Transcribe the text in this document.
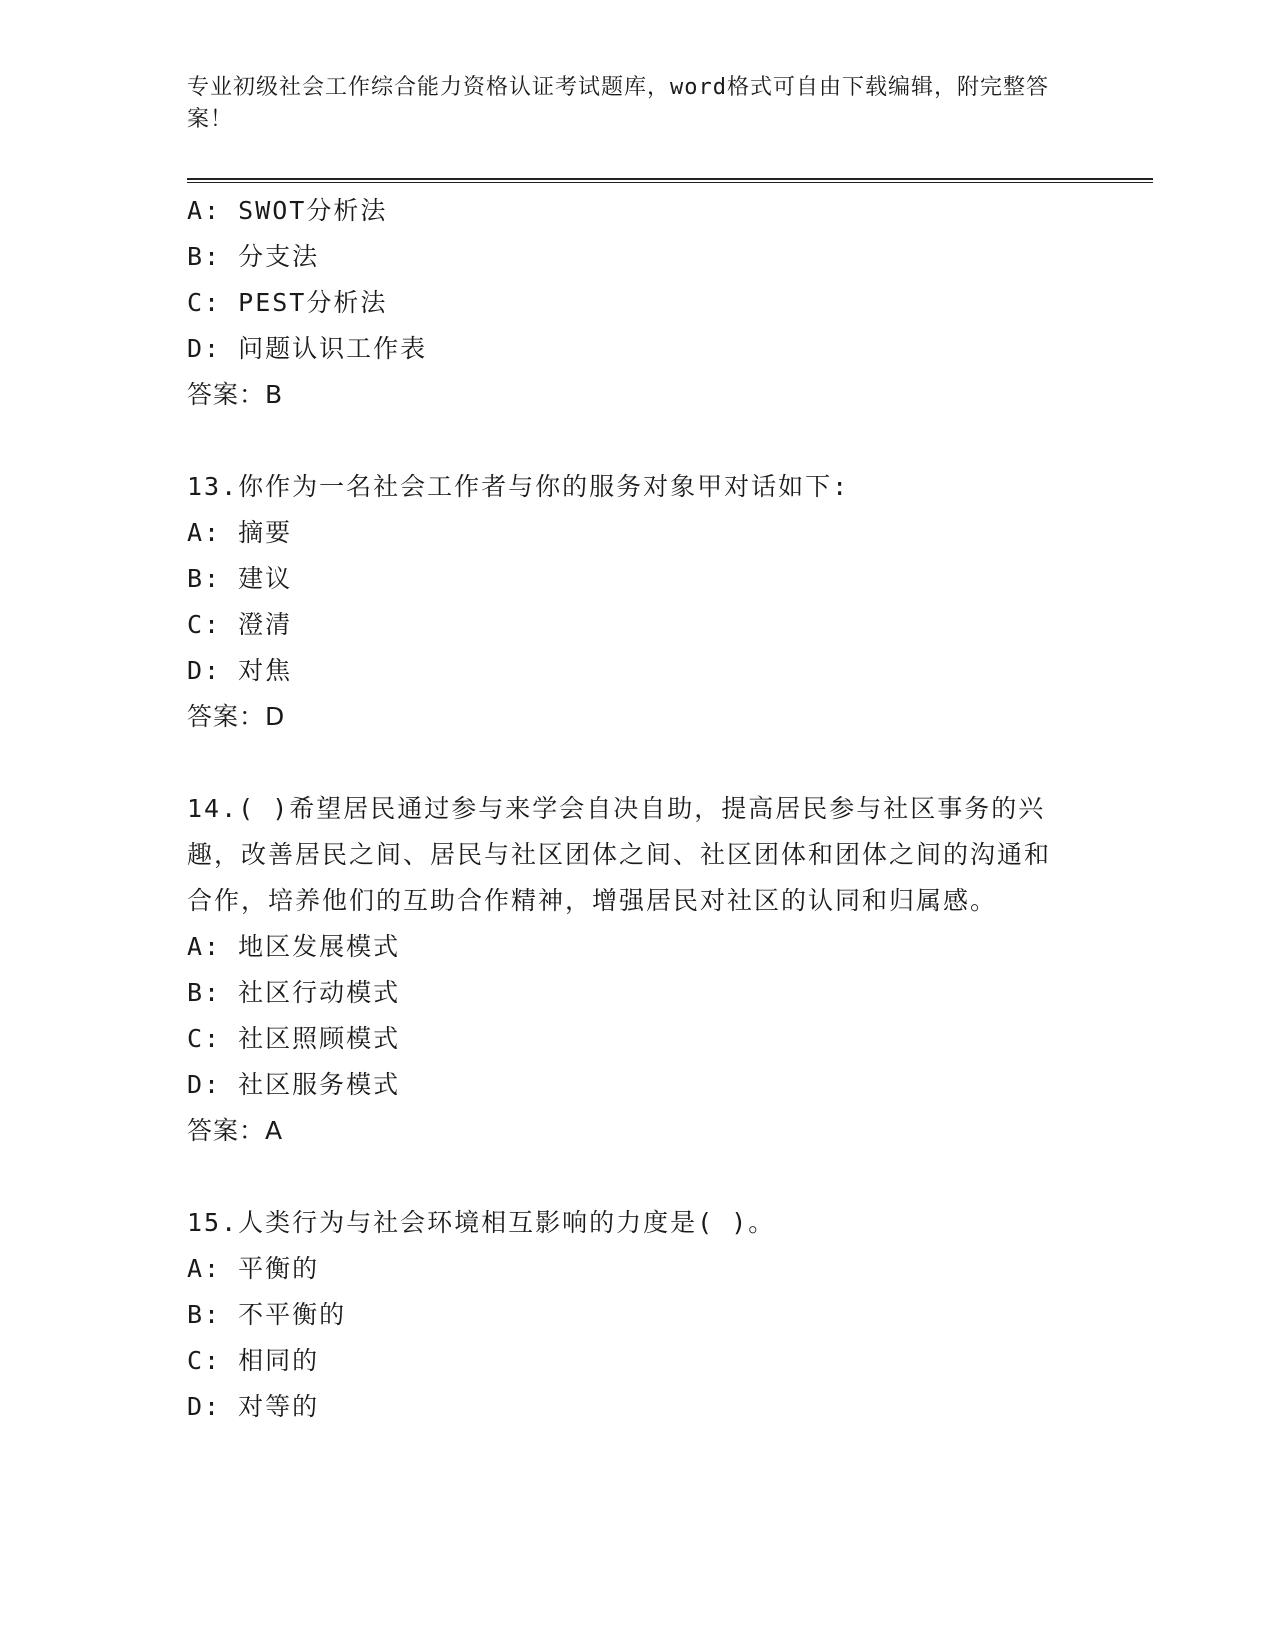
专业初级社会工作综合能力资格认证考试题库，word格式可自由下载编辑，附完整答案！
A: SWOT分析法
B: 分支法
C: PEST分析法
D: 问题认识工作表
答案：B
13.你作为一名社会工作者与你的服务对象甲对话如下:
A: 摘要
B: 建议
C: 澄清
D: 对焦
答案：D
14.( )希望居民通过参与来学会自决自助，提高居民参与社区事务的兴趣，改善居民之间、居民与社区团体之间、社区团体和团体之间的沟通和合作，培养他们的互助合作精神，增强居民对社区的认同和归属感。
A: 地区发展模式
B: 社区行动模式
C: 社区照顾模式
D: 社区服务模式
答案：A
15.人类行为与社会环境相互影响的力度是( )。
A: 平衡的
B: 不平衡的
C: 相同的
D: 对等的
